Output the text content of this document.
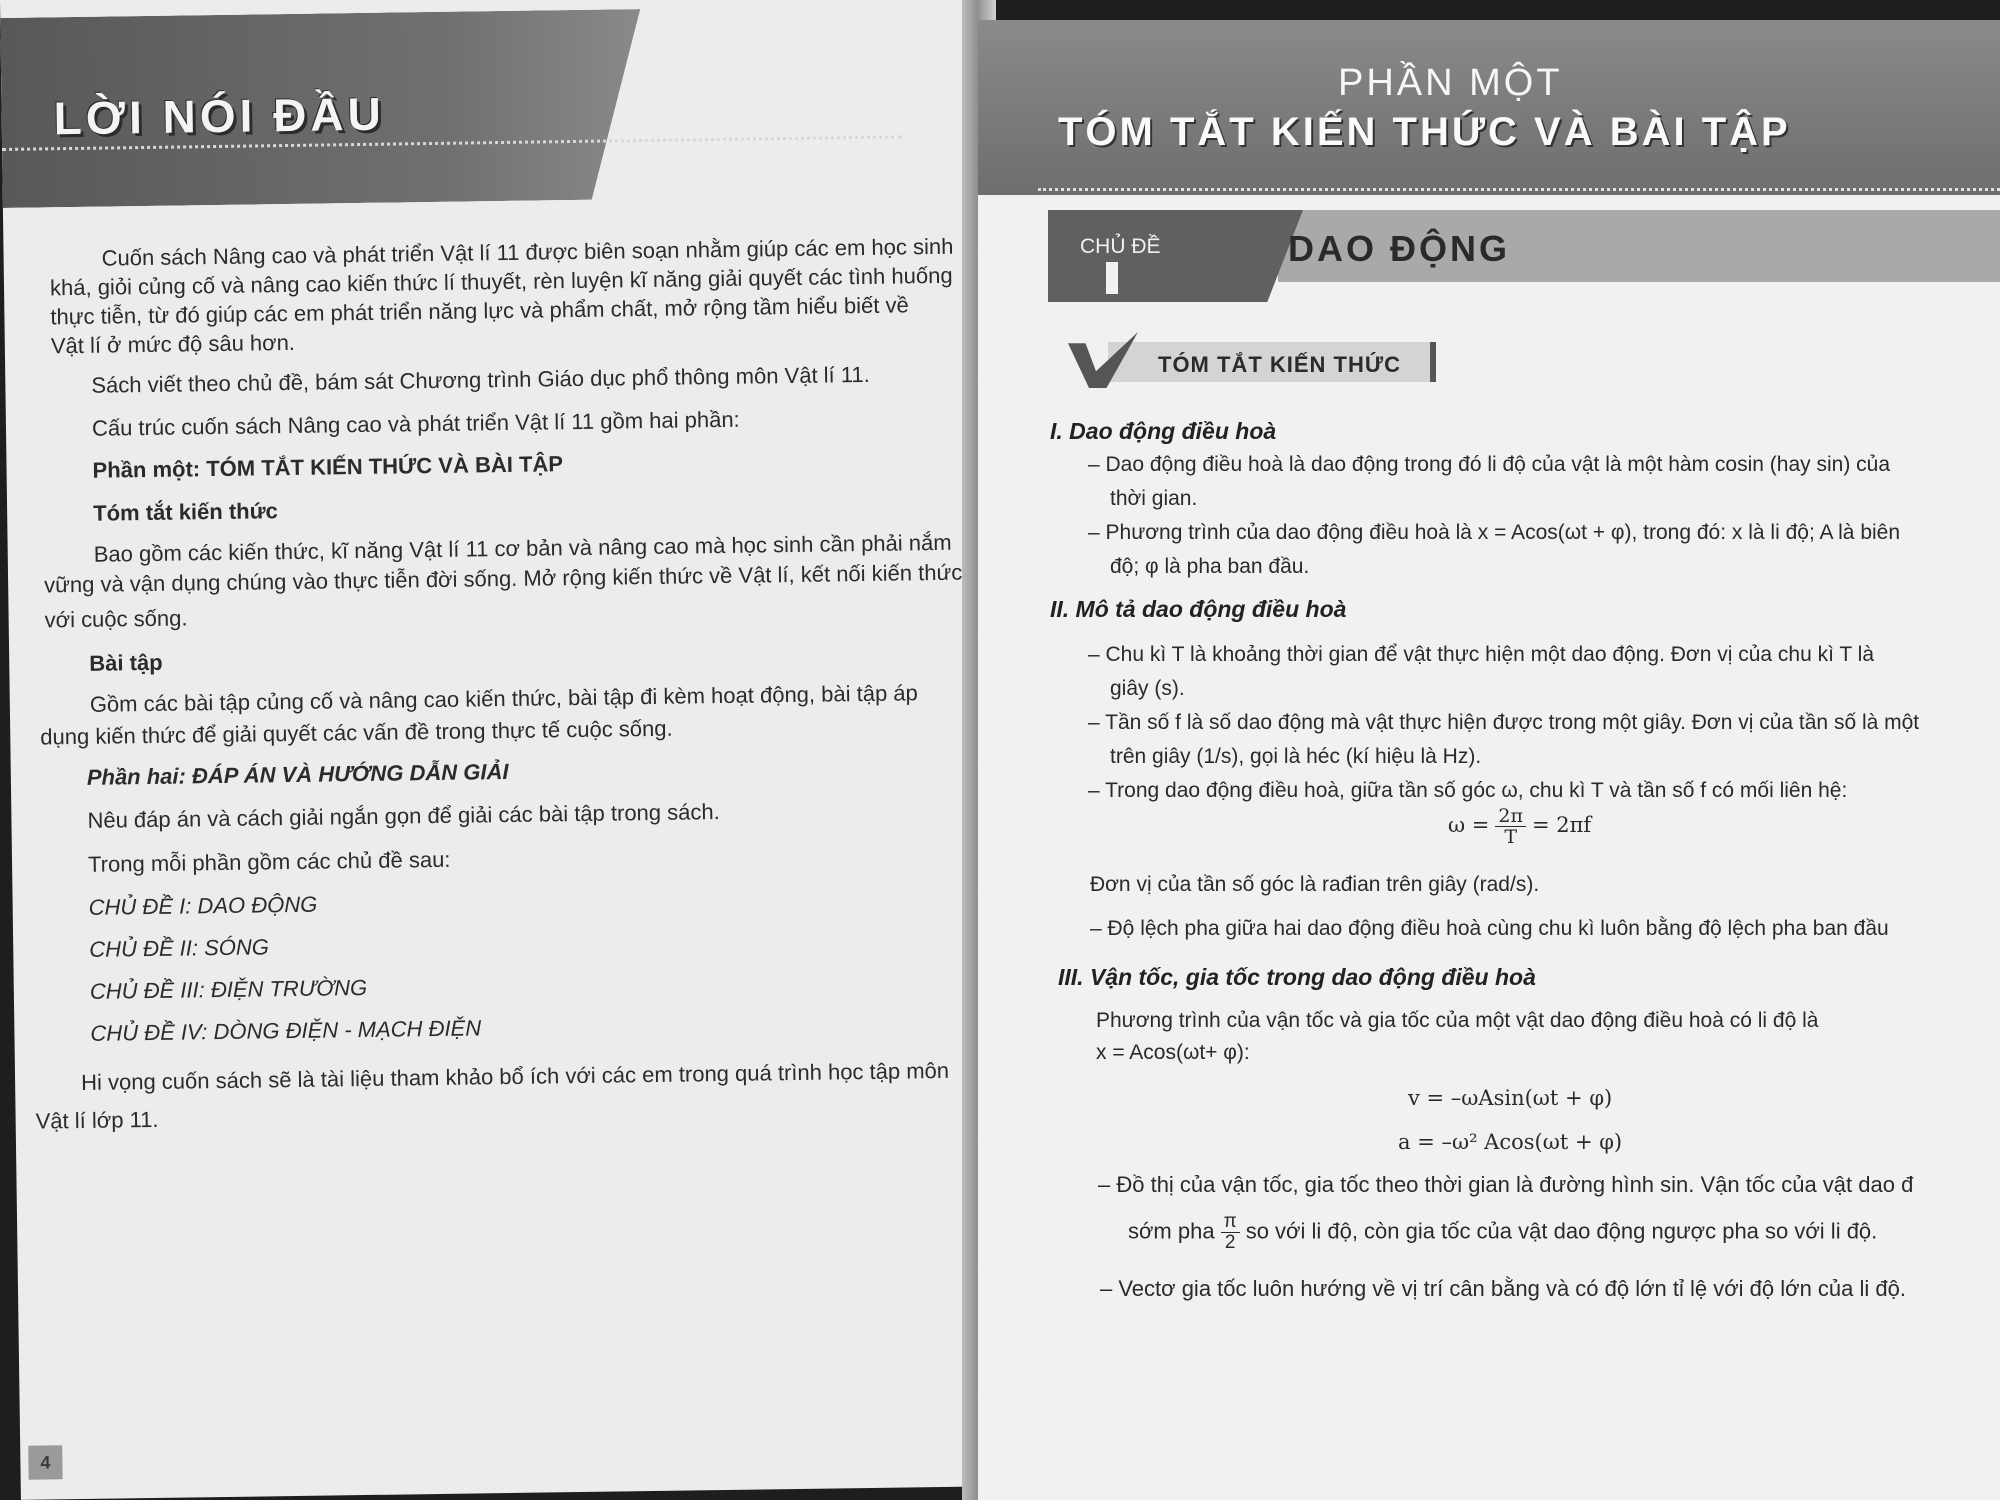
LỜI NÓI ĐẦU
Cuốn sách Nâng cao và phát triển Vật lí 11 được biên soạn nhằm giúp các em học sinh
khá, giỏi củng cố và nâng cao kiến thức lí thuyết, rèn luyện kĩ năng giải quyết các tình huống
thực tiễn, từ đó giúp các em phát triển năng lực và phẩm chất, mở rộng tầm hiểu biết về
Vật lí ở mức độ sâu hơn.
Sách viết theo chủ đề, bám sát Chương trình Giáo dục phổ thông môn Vật lí 11.
Cấu trúc cuốn sách Nâng cao và phát triển Vật lí 11 gồm hai phần:
Phần một: TÓM TẮT KIẾN THỨC VÀ BÀI TẬP
Tóm tắt kiến thức
Bao gồm các kiến thức, kĩ năng Vật lí 11 cơ bản và nâng cao mà học sinh cần phải nắm
vững và vận dụng chúng vào thực tiễn đời sống. Mở rộng kiến thức về Vật lí, kết nối kiến thức
với cuộc sống.
Bài tập
Gồm các bài tập củng cố và nâng cao kiến thức, bài tập đi kèm hoạt động, bài tập áp
dụng kiến thức để giải quyết các vấn đề trong thực tế cuộc sống.
Phần hai: ĐÁP ÁN VÀ HƯỚNG DẪN GIẢI
Nêu đáp án và cách giải ngắn gọn để giải các bài tập trong sách.
Trong mỗi phần gồm các chủ đề sau:
CHỦ ĐỀ I: DAO ĐỘNG
CHỦ ĐỀ II: SÓNG
CHỦ ĐỀ III: ĐIỆN TRƯỜNG
CHỦ ĐỀ IV: DÒNG ĐIỆN - MẠCH ĐIỆN
Hi vọng cuốn sách sẽ là tài liệu tham khảo bổ ích với các em trong quá trình học tập môn
Vật lí lớp 11.
4
PHẦN MỘT
TÓM TẮT KIẾN THỨC VÀ BÀI TẬP
CHỦ ĐỀ	DAO ĐỘNG
TÓM TẮT KIẾN THỨC
I. Dao động điều hoà
– Dao động điều hoà là dao động trong đó li độ của vật là một hàm cosin (hay sin) của
thời gian.
– Phương trình của dao động điều hoà là x = Acos(ωt + φ), trong đó: x là li độ; A là biên
độ; φ là pha ban đầu.
II. Mô tả dao động điều hoà
– Chu kì T là khoảng thời gian để vật thực hiện một dao động. Đơn vị của chu kì T là
giây (s).
– Tần số f là số dao động mà vật thực hiện được trong một giây. Đơn vị của tần số là một
trên giây (1/s), gọi là héc (kí hiệu là Hz).
– Trong dao động điều hoà, giữa tần số góc ω, chu kì T và tần số f có mối liên hệ:
$\omega = \frac{2\pi}{T} = 2\pi f$
Đơn vị của tần số góc là rađian trên giây (rad/s).
– Độ lệch pha giữa hai dao động điều hoà cùng chu kì luôn bằng độ lệch pha ban đầu
III. Vận tốc, gia tốc trong dao động điều hoà
Phương trình của vận tốc và gia tốc của một vật dao động điều hoà có li độ là
x = Acos(ωt+ φ):
v = –ωAsin(ωt + φ)
a = –ω² Acos(ωt + φ)
– Đồ thị của vận tốc, gia tốc theo thời gian là đường hình sin. Vận tốc của vật dao đ
sớm pha $\frac{\pi}{2}$ so với li độ, còn gia tốc của vật dao động ngược pha so với li độ.
– Vectơ gia tốc luôn hướng về vị trí cân bằng và có độ lớn tỉ lệ với độ lớn của li độ.
